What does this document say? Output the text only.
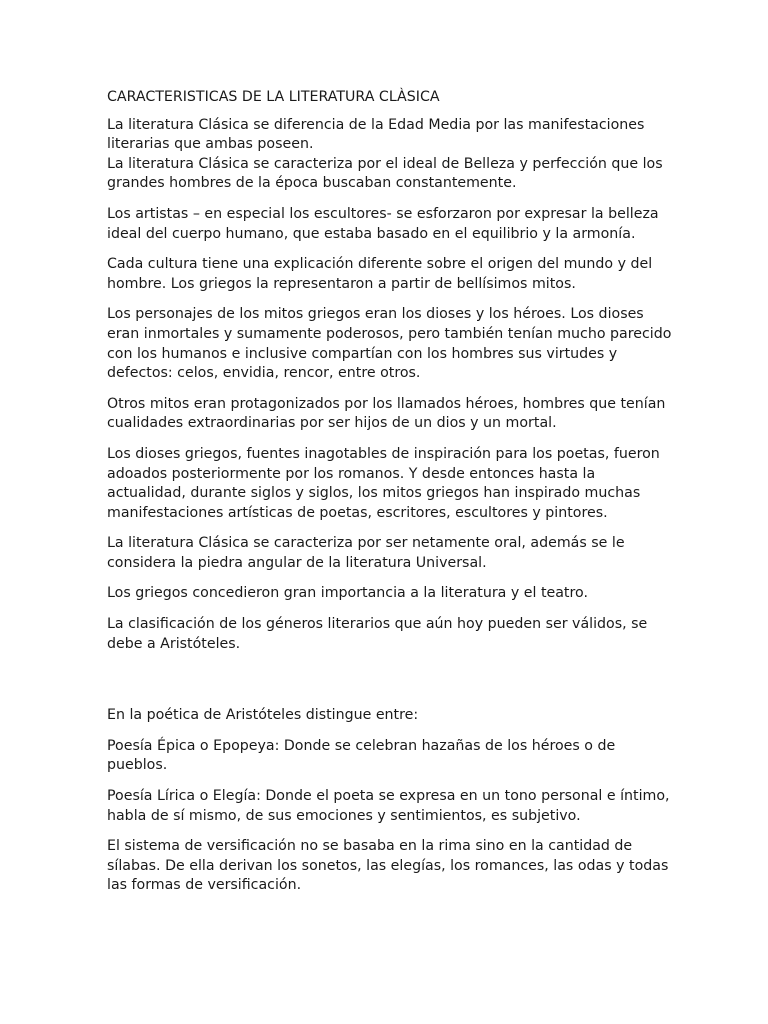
CARACTERISTICAS DE LA LITERATURA CLÀSICA

La literatura Clásica se diferencia de la Edad Media por las manifestaciones
literarias que ambas poseen.
La literatura Clásica se caracteriza por el ideal de Belleza y perfección que los
grandes hombres de la época buscaban constantemente.

Los artistas – en especial los escultores- se esforzaron por expresar la belleza
ideal del cuerpo humano, que estaba basado en el equilibrio y la armonía.

Cada cultura tiene una explicación diferente sobre el origen del mundo y del
hombre. Los griegos la representaron a partir de bellísimos mitos.

Los personajes de los mitos griegos eran los dioses y los héroes. Los dioses
eran inmortales y sumamente poderosos, pero también tenían mucho parecido
con los humanos e inclusive compartían con los hombres sus virtudes y
defectos: celos, envidia, rencor, entre otros.

Otros mitos eran protagonizados por los llamados héroes, hombres que tenían
cualidades extraordinarias por ser hijos de un dios y un mortal.

Los dioses griegos, fuentes inagotables de inspiración para los poetas, fueron
adoados posteriormente por los romanos. Y desde entonces hasta la
actualidad, durante siglos y siglos, los mitos griegos han inspirado muchas
manifestaciones artísticas de poetas, escritores, escultores y pintores.

La literatura Clásica se caracteriza por ser netamente oral, además se le
considera la piedra angular de la literatura Universal.

Los griegos concedieron gran importancia a la literatura y el teatro.

La clasificación de los géneros literarios que aún hoy pueden ser válidos, se
debe a Aristóteles.

En la poética de Aristóteles distingue entre:

Poesía Épica o Epopeya: Donde se celebran hazañas de los héroes o de
pueblos.

Poesía Lírica o Elegía: Donde el poeta se expresa en un tono personal e íntimo,
habla de sí mismo, de sus emociones y sentimientos, es subjetivo.

El sistema de versificación no se basaba en la rima sino en la cantidad de
sílabas. De ella derivan los sonetos, las elegías, los romances, las odas y todas
las formas de versificación.
